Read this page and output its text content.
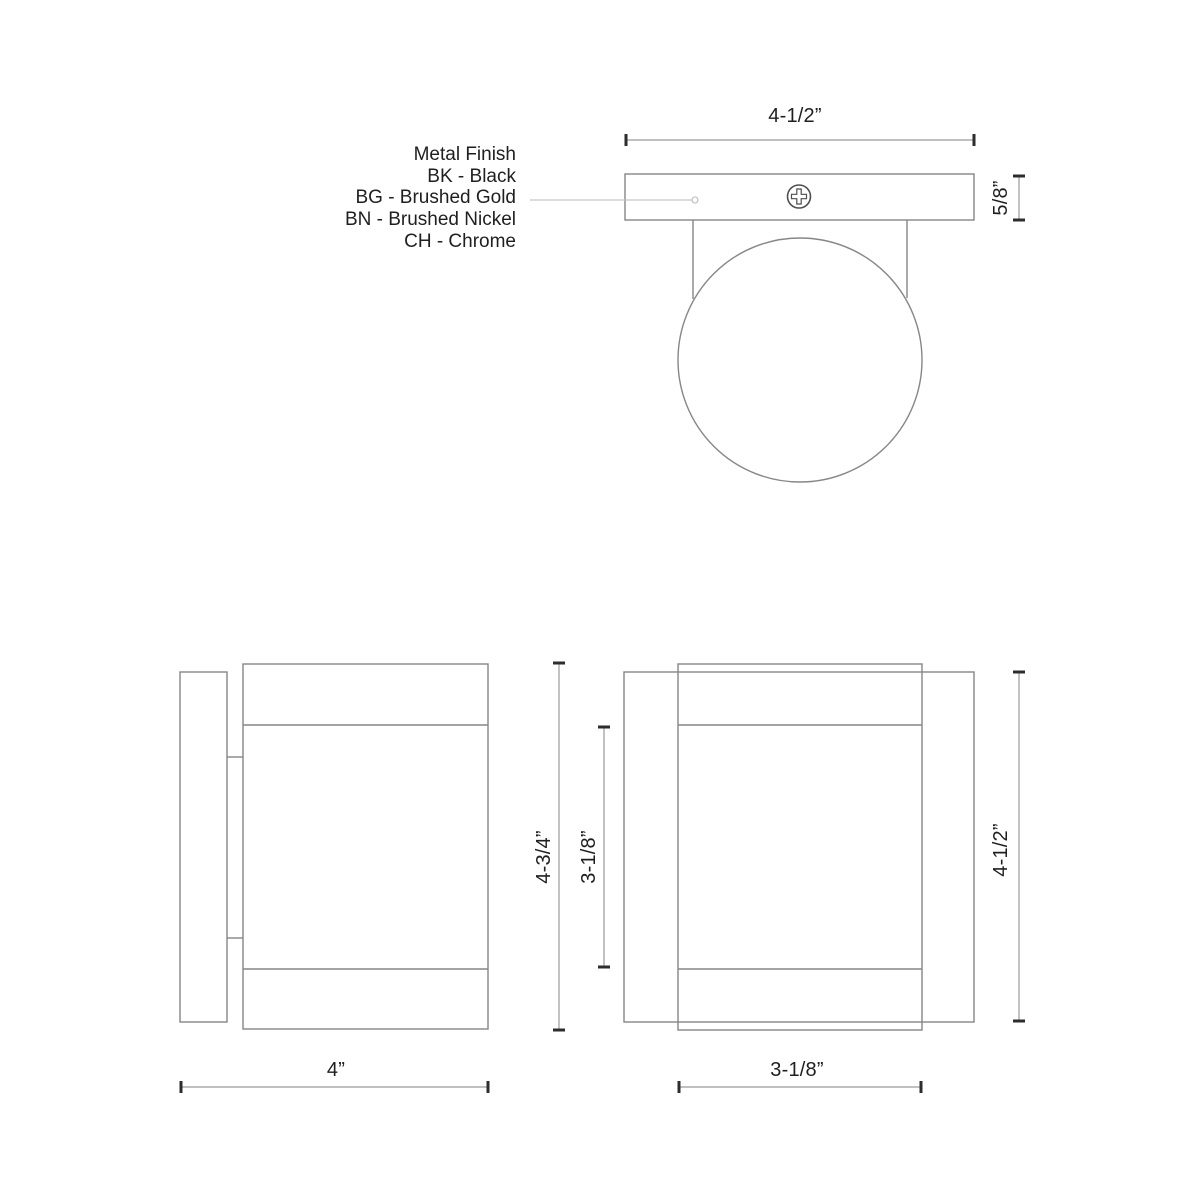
Metal Finish
BK - Black
BG - Brushed Gold
BN - Brushed Nickel
CH - Chrome
4-1/2”
5/8”
4-3/4”
4”
3-1/8”	4-1/2”
3-1/8”
